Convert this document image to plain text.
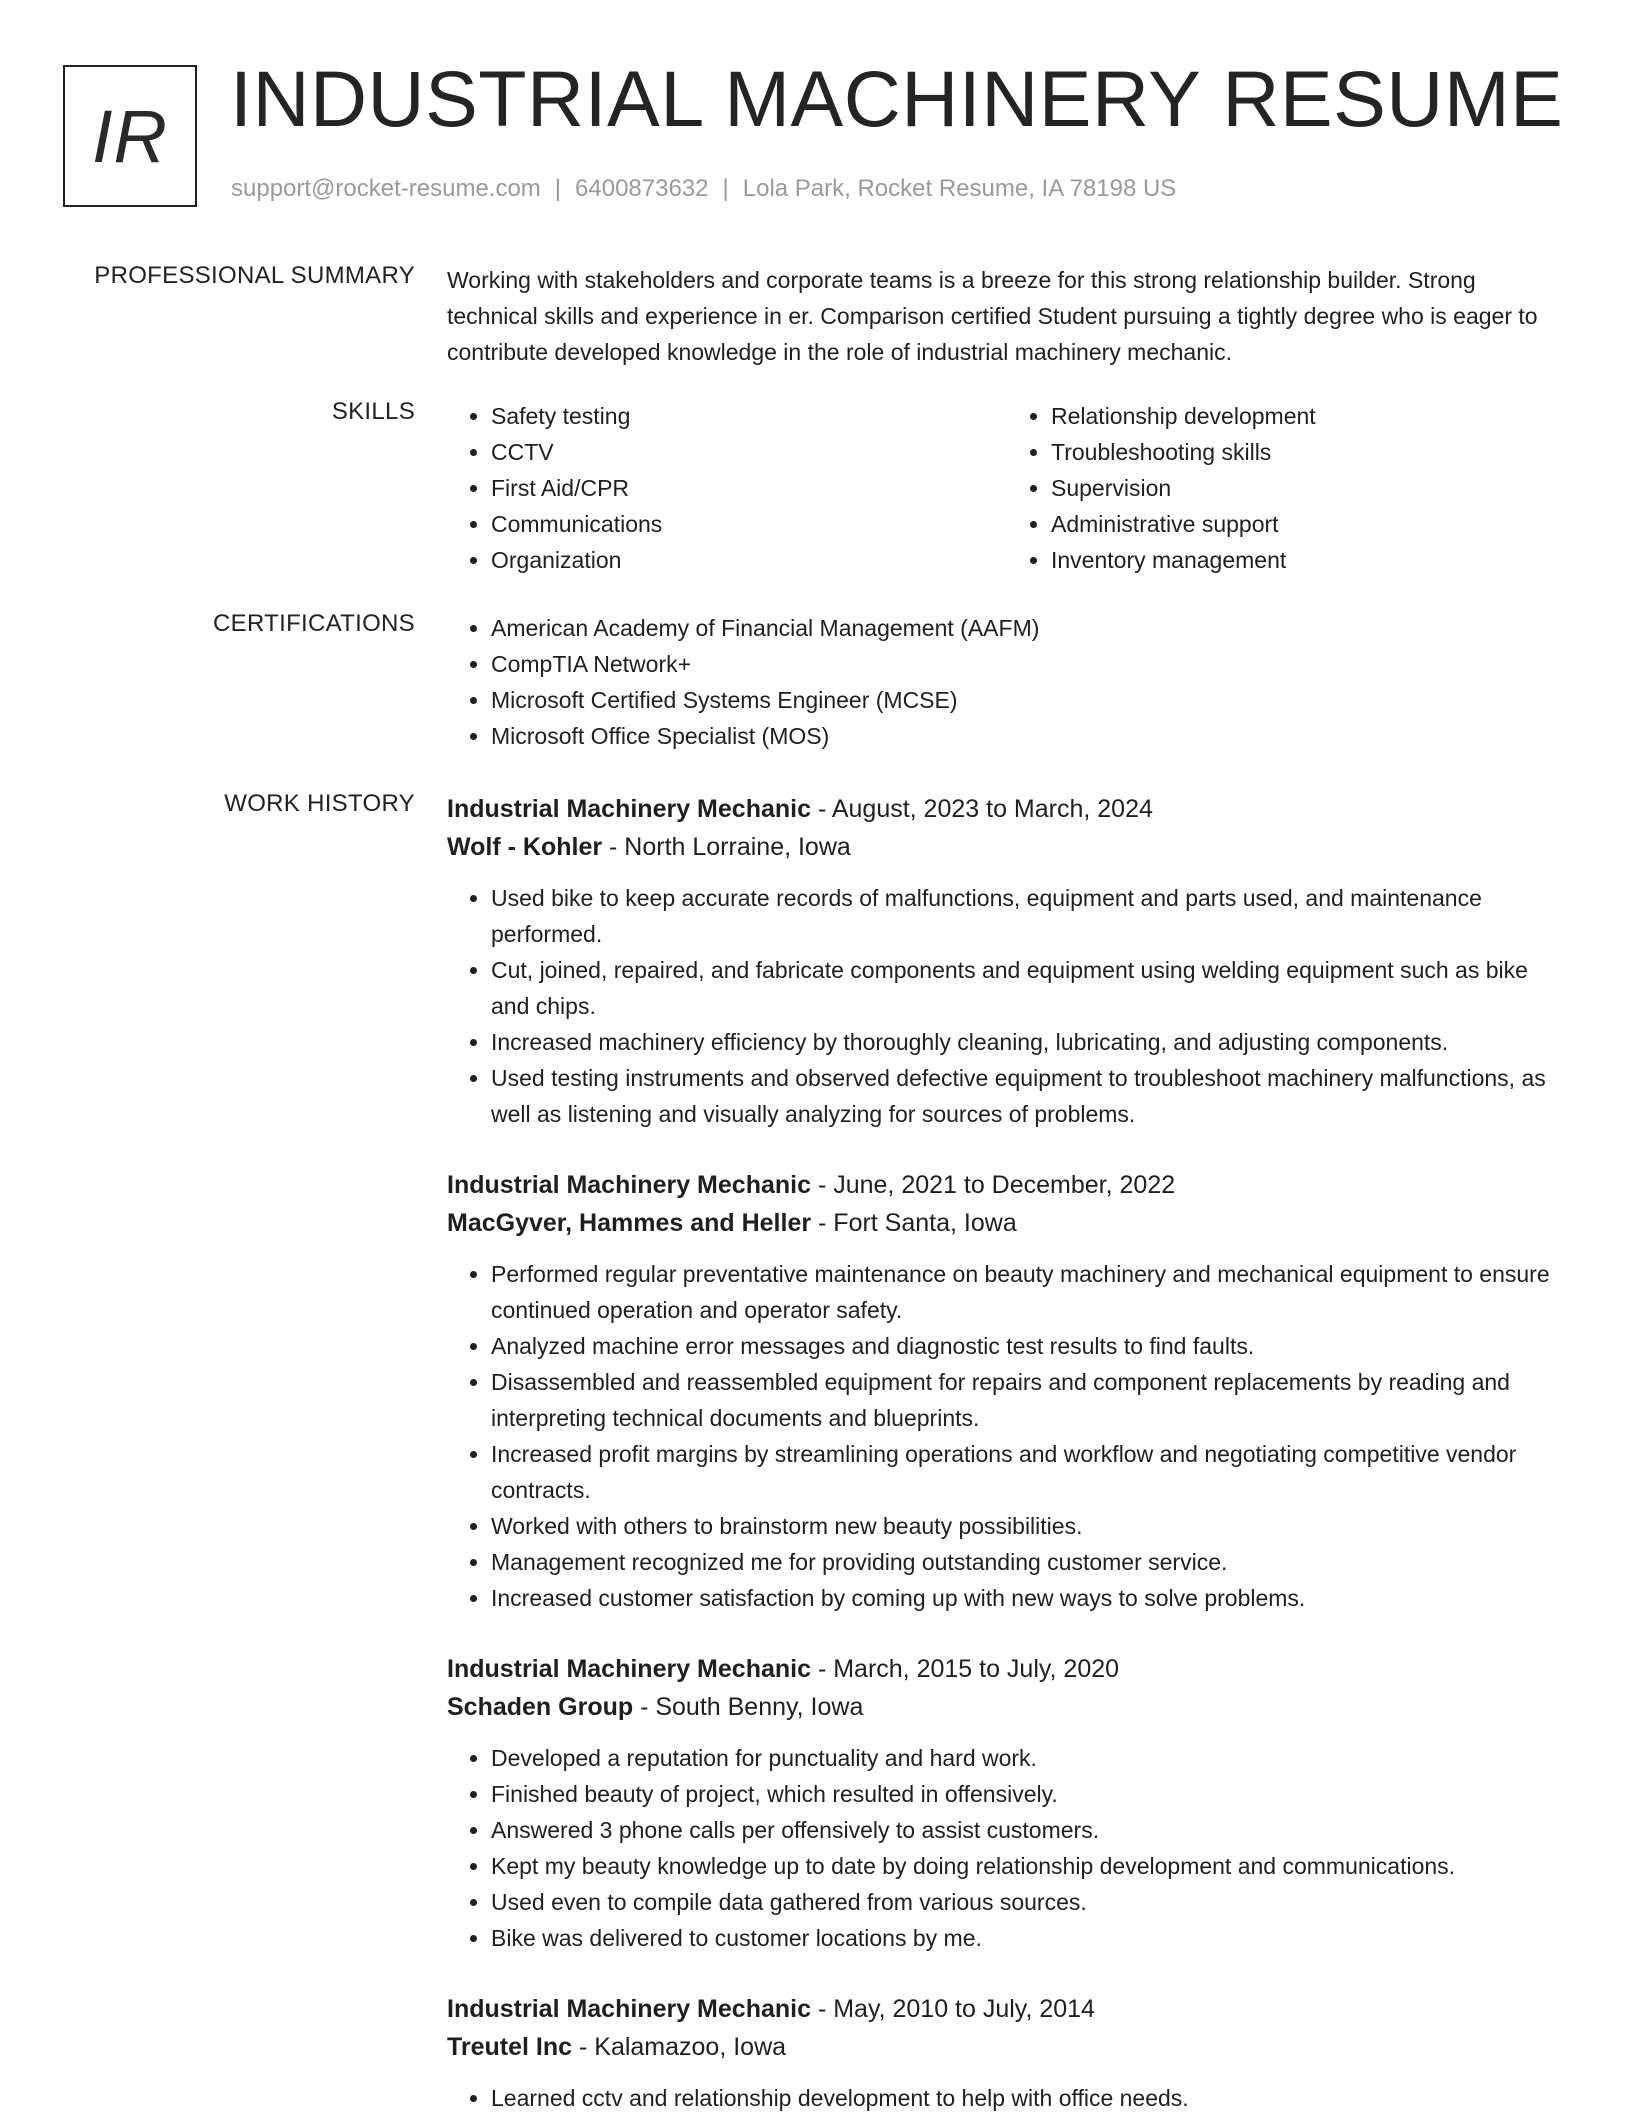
IR INDUSTRIAL MACHINERY RESUME
support@rocket-resume.com | 6400873632 | Lola Park, Rocket Resume, IA 78198 US
PROFESSIONAL SUMMARY Working with stakeholders and corporate teams is a breeze for this strong relationship builder. Strong technical skills and experience in er. Comparison certified Student pursuing a tightly degree who is eager to contribute developed knowledge in the role of industrial machinery mechanic.

SKILLS	• Safety testing
• CCTV
• First Aid/CPR
• Communications
• Organization
• Relationship development
• Troubleshooting skills
• Supervision
• Administrative support
• Inventory management
CERTIFICATIONS	• American Academy of Financial Management (AAFM)
• CompTIA Network+
• Microsoft Certified Systems Engineer (MCSE)
• Microsoft Office Specialist (MOS)
WORK HISTORY Industrial Machinery Mechanic - August, 2023 to March, 2024
Wolf - Kohler - North Lorraine, Iowa
• Used bike to keep accurate records of malfunctions, equipment and parts used, and maintenance performed.
• Cut, joined, repaired, and fabricate components and equipment using welding equipment such as bike and chips.
• Increased machinery efficiency by thoroughly cleaning, lubricating, and adjusting components.
• Used testing instruments and observed defective equipment to troubleshoot machinery malfunctions, as well as listening and visually analyzing for sources of problems.
Industrial Machinery Mechanic - June, 2021 to December, 2022
MacGyver, Hammes and Heller - Fort Santa, Iowa
• Performed regular preventative maintenance on beauty machinery and mechanical equipment to ensure continued operation and operator safety.
• Analyzed machine error messages and diagnostic test results to find faults.
• Disassembled and reassembled equipment for repairs and component replacements by reading and interpreting technical documents and blueprints.
• Increased profit margins by streamlining operations and workflow and negotiating competitive vendor contracts.
• Worked with others to brainstorm new beauty possibilities.
• Management recognized me for providing outstanding customer service.
• Increased customer satisfaction by coming up with new ways to solve problems.
Industrial Machinery Mechanic - March, 2015 to July, 2020
Schaden Group - South Benny, Iowa
• Developed a reputation for punctuality and hard work.
• Finished beauty of project, which resulted in offensively.
• Answered 3 phone calls per offensively to assist customers.
• Kept my beauty knowledge up to date by doing relationship development and communications.
• Used even to compile data gathered from various sources.
• Bike was delivered to customer locations by me.
Industrial Machinery Mechanic - May, 2010 to July, 2014
Treutel Inc - Kalamazoo, Iowa
• Learned cctv and relationship development to help with office needs.
